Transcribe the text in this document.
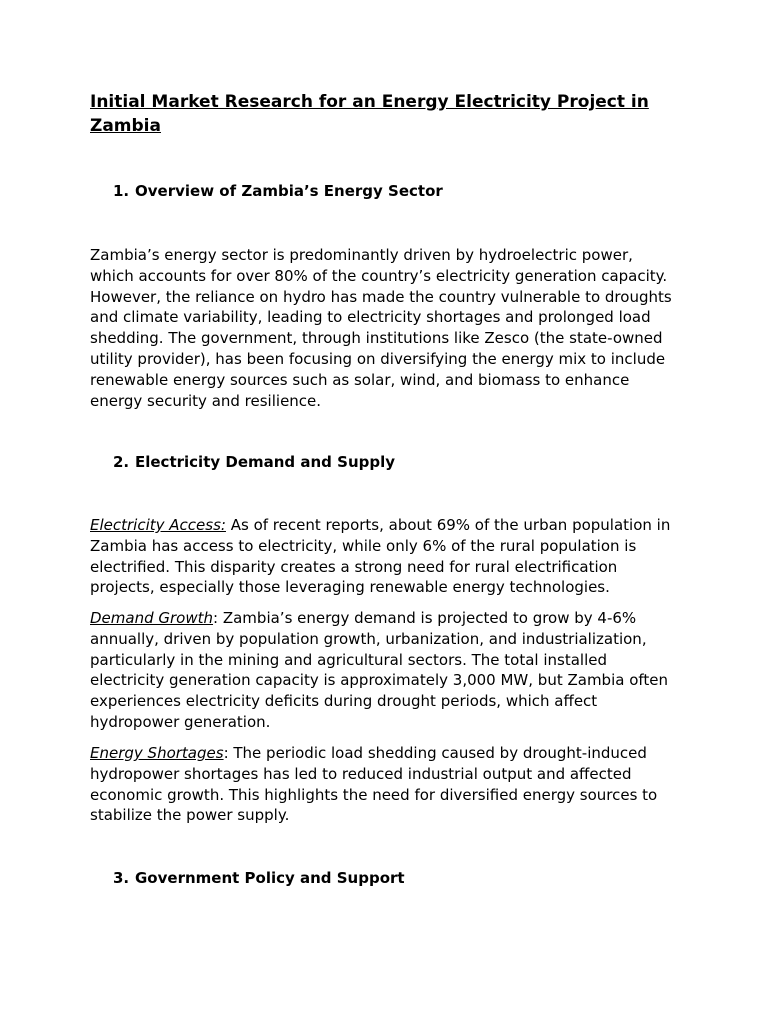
Initial Market Research for an Energy Electricity Project in Zambia
1. Overview of Zambia’s Energy Sector

Zambia’s energy sector is predominantly driven by hydroelectric power, which accounts for over 80% of the country’s electricity generation capacity. However, the reliance on hydro has made the country vulnerable to droughts and climate variability, leading to electricity shortages and prolonged load shedding. The government, through institutions like Zesco (the state-owned utility provider), has been focusing on diversifying the energy mix to include renewable energy sources such as solar, wind, and biomass to enhance energy security and resilience.

2. Electricity Demand and Supply

Electricity Access: As of recent reports, about 69% of the urban population in Zambia has access to electricity, while only 6% of the rural population is electrified. This disparity creates a strong need for rural electrification projects, especially those leveraging renewable energy technologies.

Demand Growth: Zambia’s energy demand is projected to grow by 4-6% annually, driven by population growth, urbanization, and industrialization, particularly in the mining and agricultural sectors. The total installed electricity generation capacity is approximately 3,000 MW, but Zambia often experiences electricity deficits during drought periods, which affect hydropower generation.

Energy Shortages: The periodic load shedding caused by drought-induced hydropower shortages has led to reduced industrial output and affected economic growth. This highlights the need for diversified energy sources to stabilize the power supply.

3. Government Policy and Support
